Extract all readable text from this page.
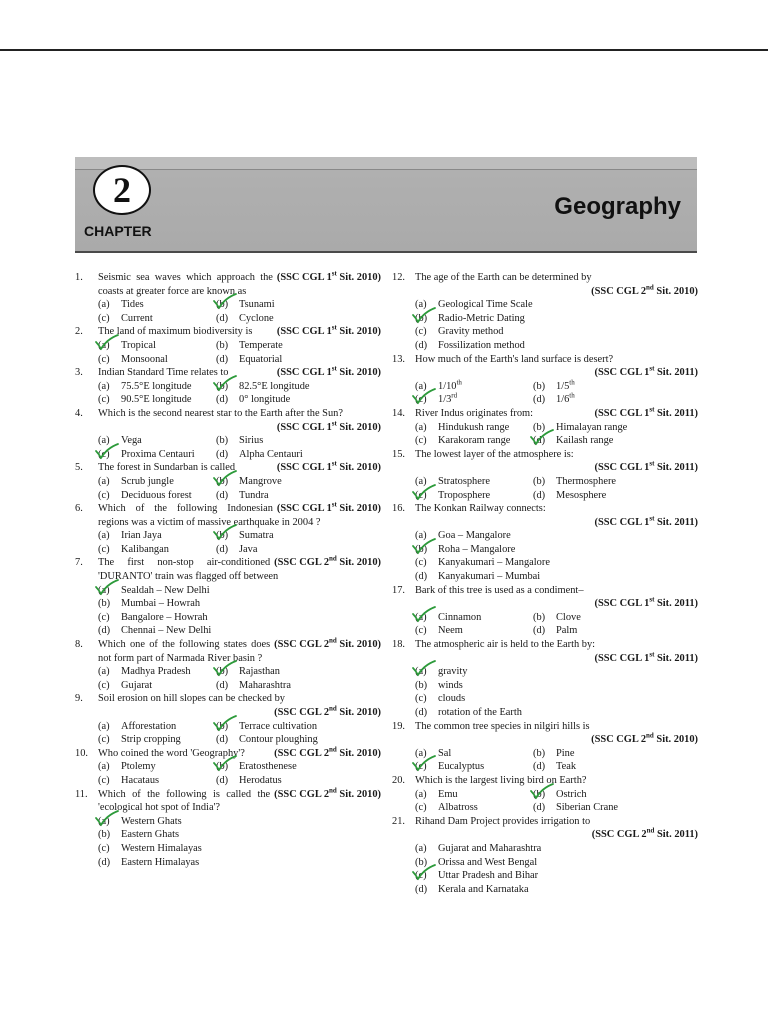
2
CHAPTER
Geography
1.	(SSC CGL 1st Sit. 2010)
Seismic sea waves which approach the coasts at greater force are known as
(a)	Tides	(b)	Tsunami
(c)	Current	(d)	Cyclone
2.	(SSC CGL 1st Sit. 2010)
The land of maximum biodiversity is
(a)	Tropical	(b)	Temperate
(c)	Monsoonal	(d)	Equatorial
3.	(SSC CGL 1st Sit. 2010)
Indian Standard Time relates to
(a)	75.5°E longitude (b)	82.5°E longitude
(c)	90.5°E longitude (d)	0° longitude
4. Which is the second nearest star to the Earth after the Sun?
(SSC CGL 1st Sit. 2010)
(a)	Vega	(b)	Sirius
(c)	Proxima Centauri (d)	Alpha Centauri
5.	(SSC CGL 1st Sit. 2010)
The forest in Sundarban is called
(a)	Scrub jungle	(b)	Mangrove
(c)	Deciduous forest (d)	Tundra
6.	(SSC CGL 1st Sit. 2010)
Which of the following Indonesian regions was a victim of massive earthquake in 2004 ?
(a)	Irian Jaya	(b)	Sumatra
(c)	Kalibangan	(d)	Java
7.	(SSC CGL 2nd Sit. 2010)
The first non-stop air-conditioned 'DURANTO' train was flagged off between
(a)	Sealdah – New Delhi
(b)	Mumbai – Howrah
(c)	Bangalore – Howrah
(d)	Chennai – New Delhi
8.	(SSC CGL 2nd Sit. 2010)
Which one of the following states does not form part of Narmada River basin ?
(a)	Madhya Pradesh (b)	Rajasthan
(c)	Gujarat	(d)	Maharashtra
9. Soil erosion on hill slopes can be checked by
(SSC CGL 2nd Sit. 2010)
(a)	Afforestation	(b)	Terrace cultivation
(c)	Strip cropping	(d)	Contour ploughing
10.	(SSC CGL 2nd Sit. 2010)
Who coined the word 'Geography'?
(a)	Ptolemy	(b)	Eratosthenese
(c)	Hacataus	(d)	Herodatus
11.	(SSC CGL 2nd Sit. 2010)
Which of the following is called the 'ecological hot spot of India'?
(a)	Western Ghats
(b)	Eastern Ghats
(c)	Western Himalayas
(d)	Eastern Himalayas
12. The age of the Earth can be determined by
(SSC CGL 2nd Sit. 2010)
(a)	Geological Time Scale
(b)	Radio-Metric Dating
(c)	Gravity method
(d)	Fossilization method
13. How much of the Earth's land surface is desert?
(SSC CGL 1st Sit. 2011)
(a)	1/10th	(b)	1/5th
(c)	1/3rd	(d)	1/6th
14.	(SSC CGL 1st Sit. 2011)
River Indus originates from:
(a)	Hindukush range (b)	Himalayan range
(c)	Karakoram range (d)	Kailash range
15. The lowest layer of the atmosphere is:
(SSC CGL 1st Sit. 2011)
(a)	Stratosphere	(b)	Thermosphere
(c)	Troposphere	(d)	Mesosphere
16. The Konkan Railway connects:
(SSC CGL 1st Sit. 2011)
(a)	Goa – Mangalore
(b)	Roha – Mangalore
(c)	Kanyakumari – Mangalore
(d)	Kanyakumari – Mumbai
17. Bark of this tree is used as a condiment–
(SSC CGL 1st Sit. 2011)
(a)	Cinnamon	(b)	Clove
(c)	Neem	(d)	Palm
18. The atmospheric air is held to the Earth by:
(SSC CGL 1st Sit. 2011)
(a)	gravity
(b)	winds
(c)	clouds
(d)	rotation of the Earth
19. The common tree species in nilgiri hills is
(SSC CGL 2nd Sit. 2010)
(a)	Sal	(b)	Pine
(c)	Eucalyptus	(d)	Teak
20. Which is the largest living bird on Earth?
(a)	Emu	(b)	Ostrich
(c)	Albatross	(d)	Siberian Crane
21. Rihand Dam Project provides irrigation to
(SSC CGL 2nd Sit. 2011)
(a)	Gujarat and Maharashtra
(b)	Orissa and West Bengal
(c)	Uttar Pradesh and Bihar
(d)	Kerala and Karnataka
